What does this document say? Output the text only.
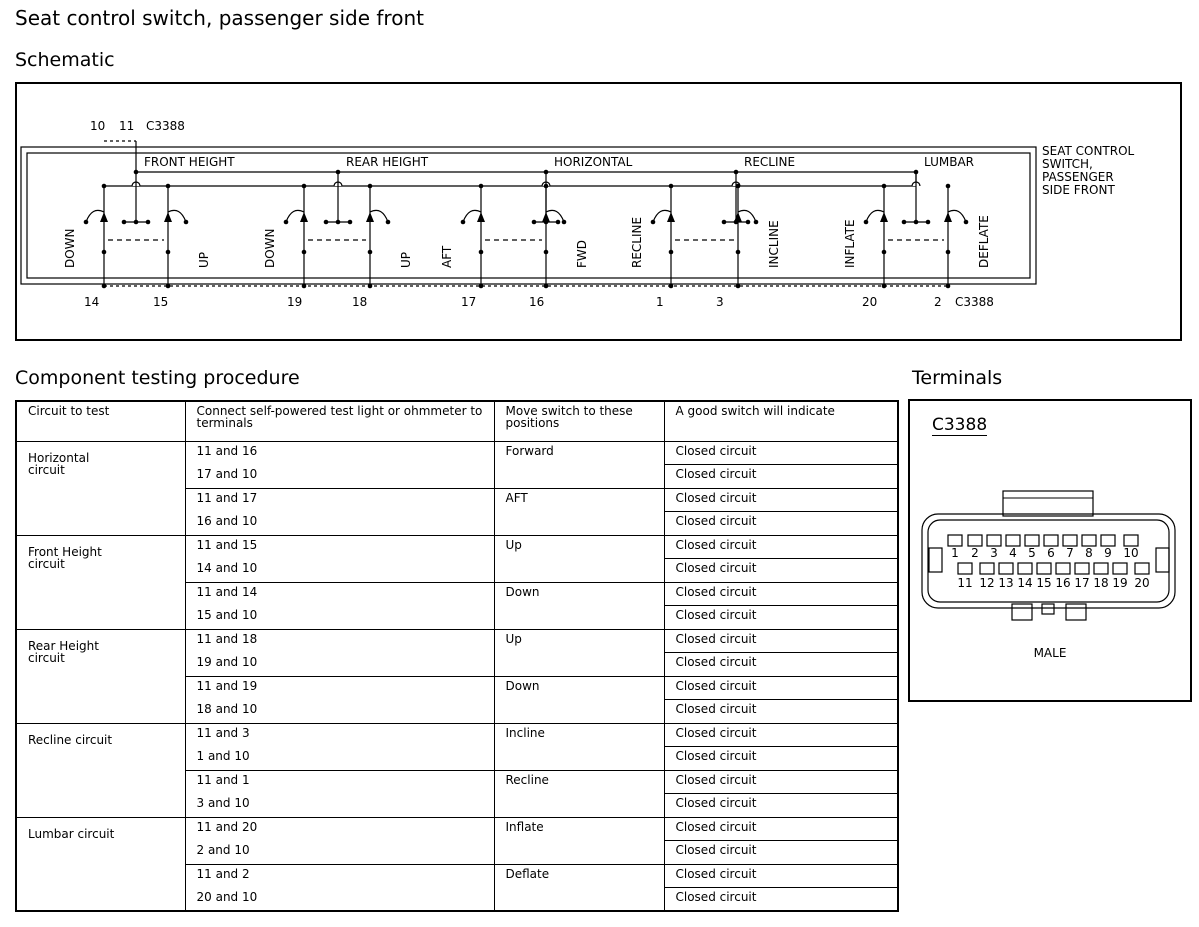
Seat control switch, passenger side front
Schematic
Component testing procedure	Terminals
10 11 C3388
SEAT CONTROL
SWITCH,
PASSENGER
SIDE FRONT
C3388
FRONT HEIGHT
DOWN	UP
14	15
REAR HEIGHT
DOWN	UP
19	18
HORIZONTAL
AFT	FWD
17	16
RECLINE
RECLINE	INCLINE
1	3
LUMBAR
INFLATE	DEFLATE
20	2
Circuit to test	Connect self-powered test light or ohmmeter to terminals	Move switch to these positions	A good switch will indicate
Horizontal circuit	11 and 16	Forward	Closed circuit
	17 and 10		Closed circuit
	11 and 17	AFT	Closed circuit
	16 and 10		Closed circuit
Front Height circuit	11 and 15	Up	Closed circuit
	14 and 10		Closed circuit
	11 and 14	Down	Closed circuit
	15 and 10		Closed circuit
Rear Height circuit	11 and 18	Up	Closed circuit
	19 and 10		Closed circuit
	11 and 19	Down	Closed circuit
	18 and 10		Closed circuit
Recline circuit	11 and 3	Incline	Closed circuit
	1 and 10		Closed circuit
	11 and 1	Recline	Closed circuit
	3 and 10		Closed circuit
Lumbar circuit	11 and 20	Inflate	Closed circuit
	2 and 10		Closed circuit
	11 and 2	Deflate	Closed circuit
	20 and 10		Closed circuit
C3388
1 2 3 4 5 6 7 8 9 10
11 12 13 14 15 16 17 18 19 20
MALE
